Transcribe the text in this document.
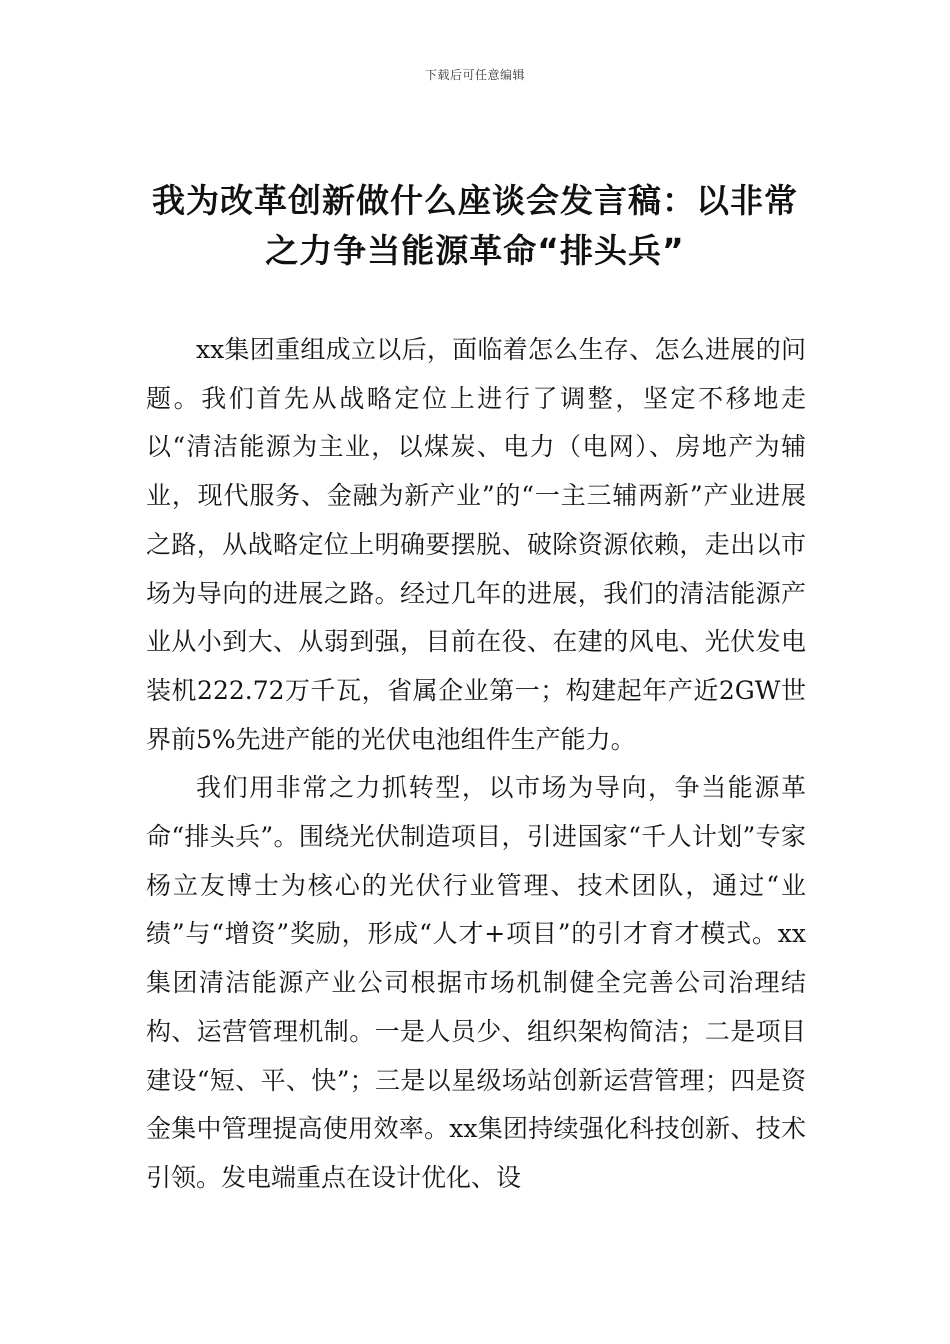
下载后可任意编辑
我为改革创新做什么座谈会发言稿：以非常之力争当能源革命“排头兵”

xx集团重组成立以后，面临着怎么生存、怎么进展的问题。我们首先从战略定位上进行了调整，坚定不移地走以“清洁能源为主业，以煤炭、电力（电网）、房地产为辅业，现代服务、金融为新产业”的“一主三辅两新”产业进展之路，从战略定位上明确要摆脱、破除资源依赖，走出以市场为导向的进展之路。经过几年的进展，我们的清洁能源产业从小到大、从弱到强，目前在役、在建的风电、光伏发电装机222.72万千瓦，省属企业第一；构建起年产近2GW世界前5%先进产能的光伏电池组件生产能力。

我们用非常之力抓转型，以市场为导向，争当能源革命“排头兵”。围绕光伏制造项目，引进国家“千人计划”专家杨立友博士为核心的光伏行业管理、技术团队，通过“业绩”与“增资”奖励，形成“人才+项目”的引才育才模式。xx集团清洁能源产业公司根据市场机制健全完善公司治理结构、运营管理机制。一是人员少、组织架构简洁；二是项目建设“短、平、快”；三是以星级场站创新运营管理；四是资金集中管理提高使用效率。xx集团持续强化科技创新、技术引领。发电端重点在设计优化、设
